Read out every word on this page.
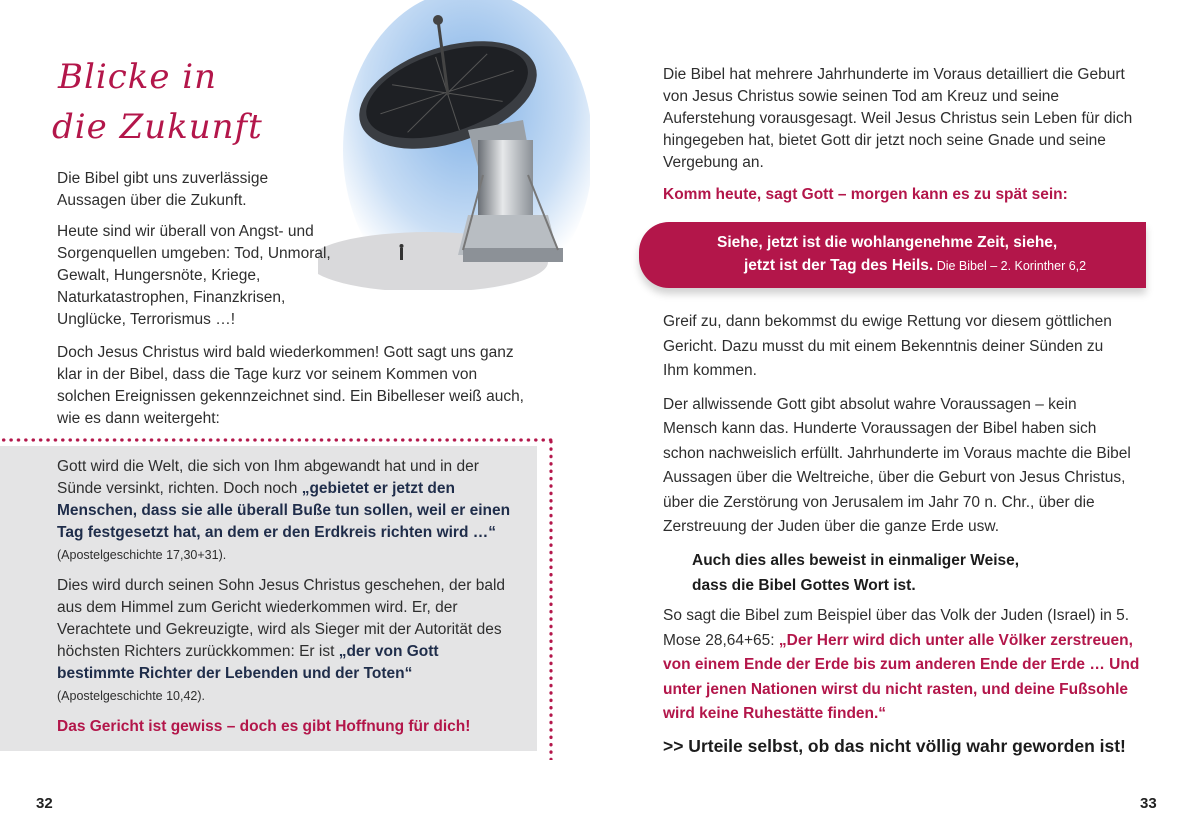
Blicke in
die Zukunft
Die Bibel gibt uns zuverlässige Aussagen über die Zukunft.
Heute sind wir überall von Angst- und Sorgenquellen umgeben: Tod, Unmoral, Gewalt, Hungersnöte, Kriege, Naturkatastrophen, Finanzkrisen, Unglücke, Terrorismus …!
Doch Jesus Christus wird bald wiederkommen! Gott sagt uns ganz klar in der Bibel, dass die Tage kurz vor seinem Kommen von solchen Ereignissen gekennzeichnet sind. Ein Bibelleser weiß auch, wie es dann weitergeht:

Gott wird die Welt, die sich von Ihm abgewandt hat und in der Sünde versinkt, richten. Doch noch „gebietet er jetzt den Menschen, dass sie alle überall Buße tun sollen, weil er einen Tag festgesetzt hat, an dem er den Erdkreis richten wird …“ (Apostelgeschichte 17,30+31).

Dies wird durch seinen Sohn Jesus Christus geschehen, der bald aus dem Himmel zum Gericht wiederkommen wird. Er, der Verachtete und Gekreuzigte, wird als Sieger mit der Autorität des höchsten Richters zurückkommen: Er ist „der von Gott bestimmte Richter der Lebenden und der Toten“
(Apostelgeschichte 10,42).

Das Gericht ist gewiss – doch es gibt Hoffnung für dich!

32
Die Bibel hat mehrere Jahrhunderte im Voraus detailliert die Geburt von Jesus Christus sowie seinen Tod am Kreuz und seine Auferstehung vorausgesagt. Weil Jesus Christus sein Leben für dich hingegeben hat, bietet Gott dir jetzt noch seine Gnade und seine Vergebung an.
Komm heute, sagt Gott – morgen kann es zu spät sein:
Siehe, jetzt ist die wohlangenehme Zeit, siehe,
jetzt ist der Tag des Heils. Die Bibel – 2. Korinther 6,2

Greif zu, dann bekommst du ewige Rettung vor diesem göttlichen Gericht. Dazu musst du mit einem Bekenntnis deiner Sünden zu Ihm kommen.

Der allwissende Gott gibt absolut wahre Voraussagen – kein Mensch kann das. Hunderte Voraussagen der Bibel haben sich schon nachweislich erfüllt. Jahrhunderte im Voraus machte die Bibel Aussagen über die Weltreiche, über die Geburt von Jesus Christus, über die Zerstörung von Jerusalem im Jahr 70 n. Chr., über die Zerstreuung der Juden über die ganze Erde usw.

Auch dies alles beweist in einmaliger Weise,
dass die Bibel Gottes Wort ist.
So sagt die Bibel zum Beispiel über das Volk der Juden (Israel) in 5. Mose 28,64+65: „Der Herr wird dich unter alle Völker zerstreuen, von einem Ende der Erde bis zum anderen Ende der Erde … Und unter jenen Nationen wirst du nicht rasten, und deine Fußsohle wird keine Ruhestätte finden.“
>> Urteile selbst, ob das nicht völlig wahr geworden ist!
33
